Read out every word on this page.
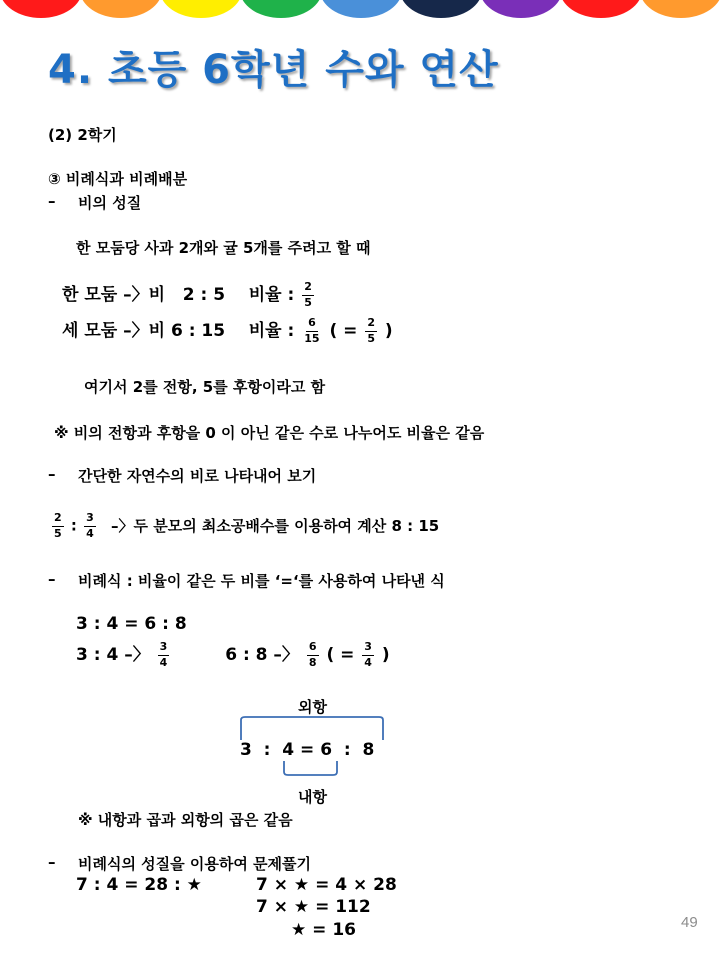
4. 초등 6학년 수와 연산
(2) 2학기
③ 비례식과 비례배분
– 비의 성질
한 모둠당 사과 2개와 귤 5개를 주려고 할 때
한 모둠 –〉비   2 : 5    비율 : $\frac{2}{5}$
세 모둠 –〉비 6 : 15    비율 : $\frac{6}{15}$ ( = $\frac{2}{5}$ )
여기서 2를 전항, 5를 후항이라고 함
※ 비의 전항과 후항을 0 이 아닌 같은 수로 나누어도 비율은 같음
– 간단한 자연수의 비로 나타내어 보기
$\frac{2}{5}$ : $\frac{3}{4}$ –〉두 분모의 최소공배수를 이용하여 계산 8 : 15
– 비례식 : 비율이 같은 두 비를 ‘=‘를 사용하여 나타낸 식
3 : 4 = 6 : 8
3 : 4 –〉 $\frac{3}{4}$	6 : 8 –〉 $\frac{6}{8}$ ( = $\frac{3}{4}$ )
외항
3  :  4 = 6  :  8
내항
※ 내항과 곱과 외항의 곱은 같음
– 비례식의 성질을 이용하여 문제풀기
7 : 4 = 28 : ★	7 × ★ = 4 × 28
7 × ★ = 112
★ = 16	49
